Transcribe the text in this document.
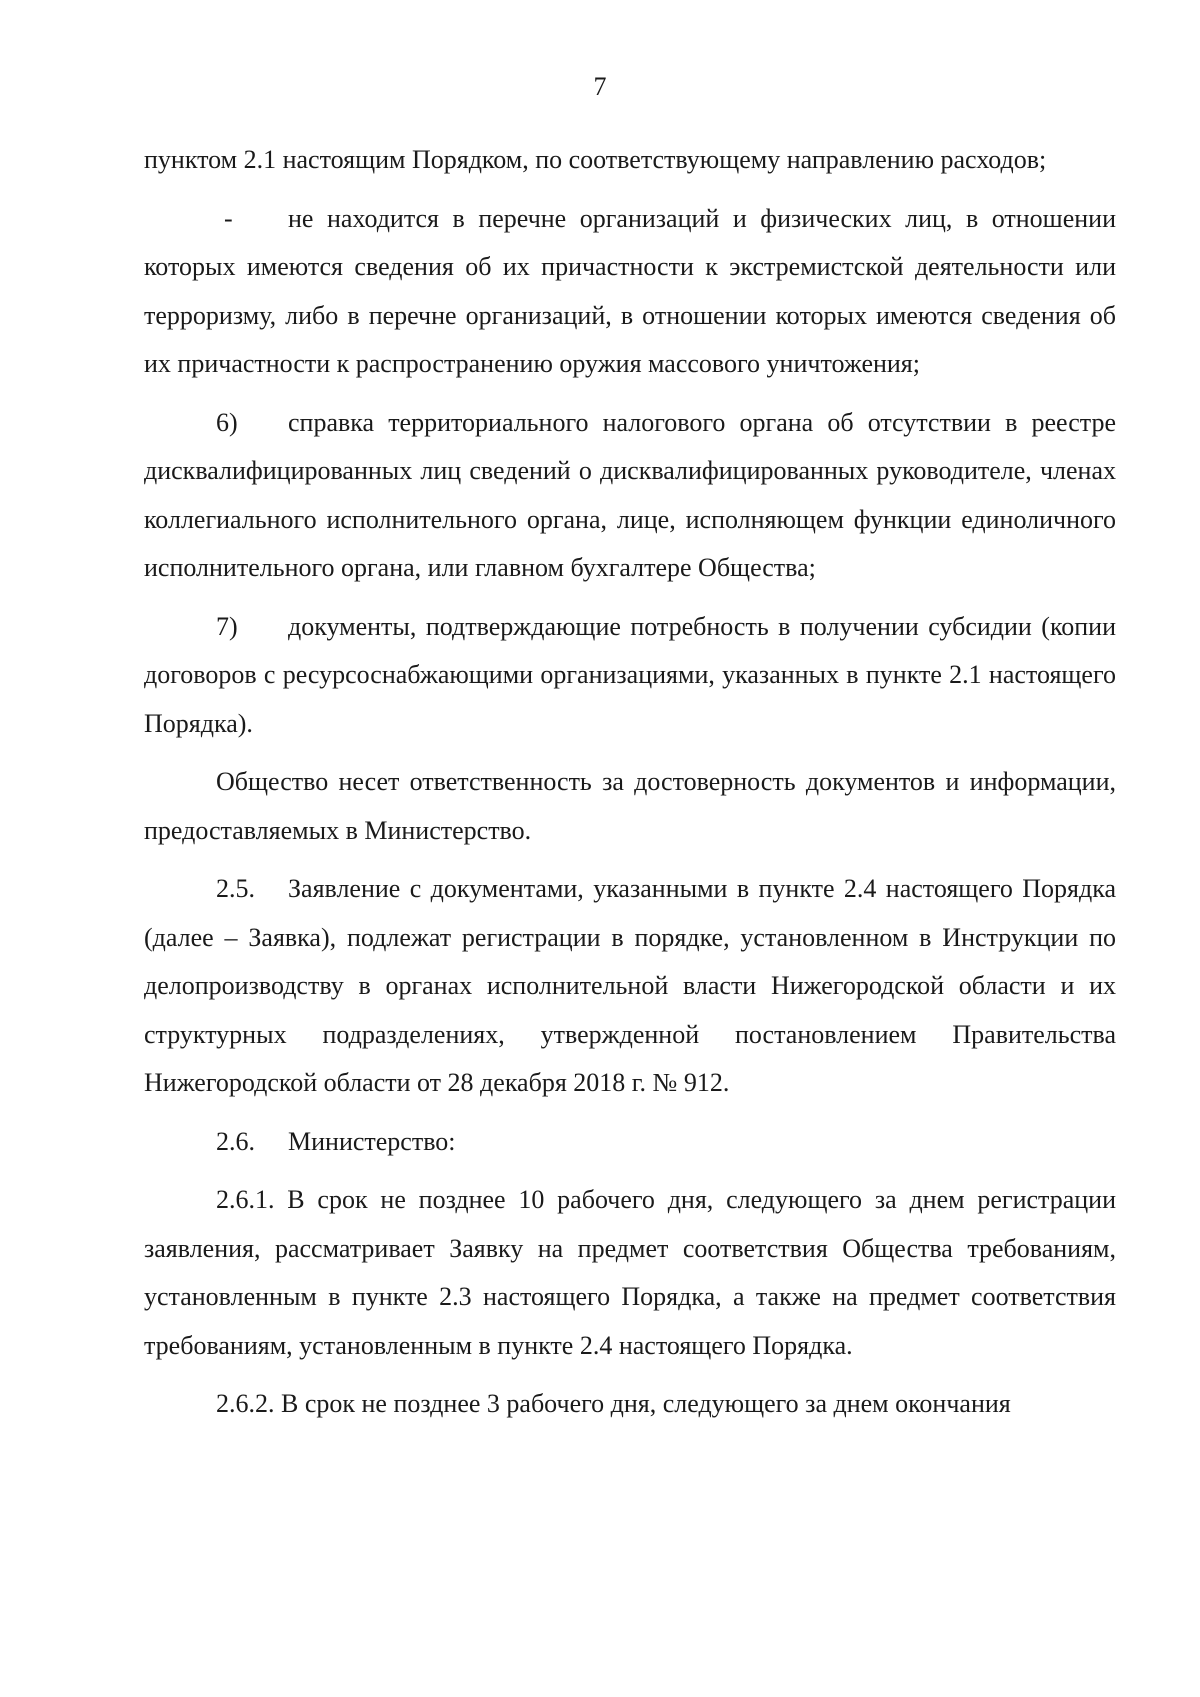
7

пунктом 2.1 настоящим Порядком, по соответствующему направлению расходов;

- не находится в перечне организаций и физических лиц, в отношении которых имеются сведения об их причастности к экстремистской деятельности или терроризму, либо в перечне организаций, в отношении которых имеются сведения об их причастности к распространению оружия массового уничтожения;

6) справка территориального налогового органа об отсутствии в реестре дисквалифицированных лиц сведений о дисквалифицированных руководителе, членах коллегиального исполнительного органа, лице, исполняющем функции единоличного исполнительного органа, или главном бухгалтере Общества;

7) документы, подтверждающие потребность в получении субсидии (копии договоров с ресурсоснабжающими организациями, указанных в пункте 2.1 настоящего Порядка).

Общество несет ответственность за достоверность документов и информации, предоставляемых в Министерство.

2.5. Заявление с документами, указанными в пункте 2.4 настоящего Порядка (далее – Заявка), подлежат регистрации в порядке, установленном в Инструкции по делопроизводству в органах исполнительной власти Нижегородской области и их структурных подразделениях, утвержденной постановлением Правительства Нижегородской области от 28 декабря 2018 г. № 912.

2.6. Министерство:

2.6.1. В срок не позднее 10 рабочего дня, следующего за днем регистрации заявления, рассматривает Заявку на предмет соответствия Общества требованиям, установленным в пункте 2.3 настоящего Порядка, а также на предмет соответствия требованиям, установленным в пункте 2.4 настоящего Порядка.

2.6.2. В срок не позднее 3 рабочего дня, следующего за днем окончания
